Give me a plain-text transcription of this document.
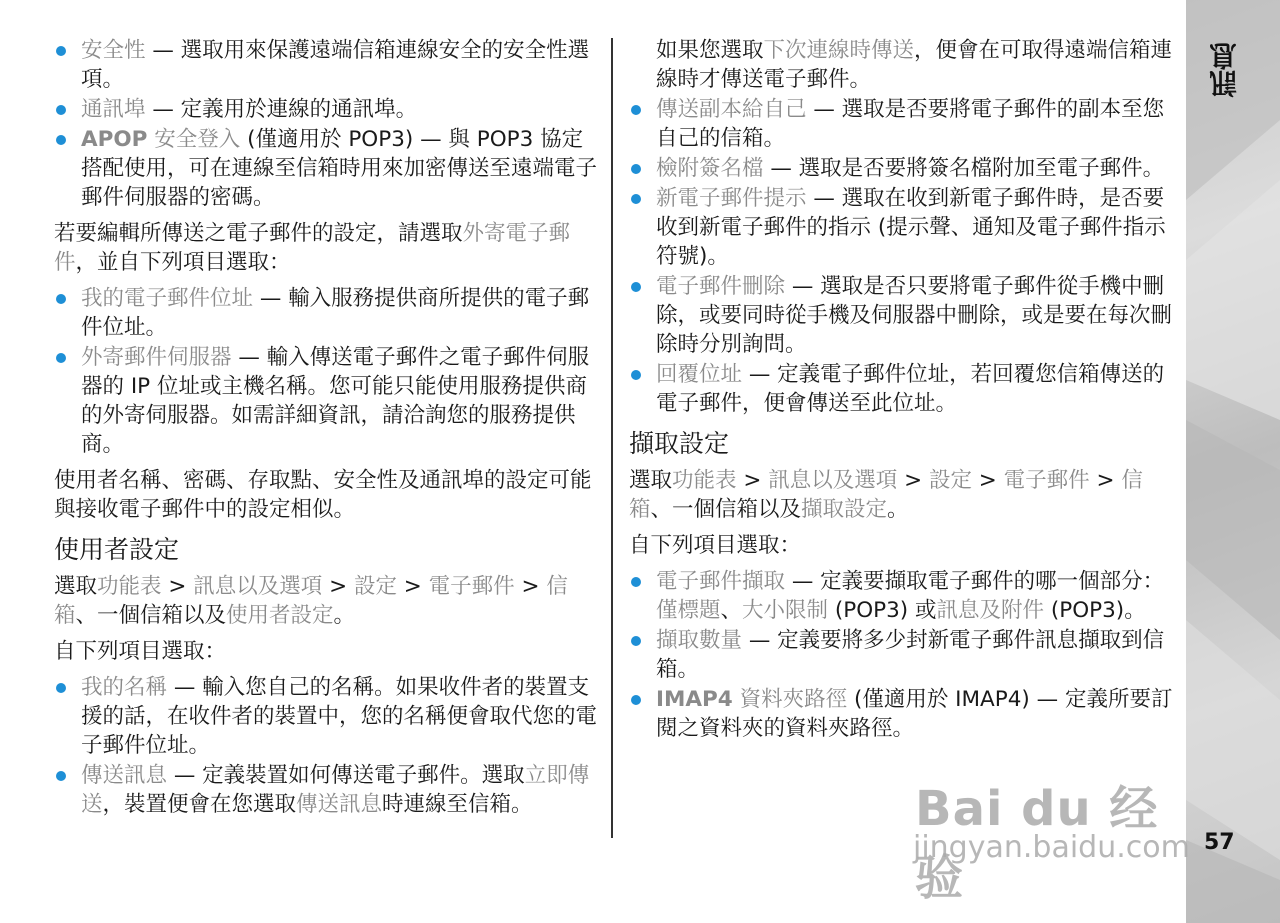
安全性 — 選取用來保護遠端信箱連線安全的安全性選項。
通訊埠 — 定義用於連線的通訊埠。
APOP 安全登入 (僅適用於 POP3) — 與 POP3 協定搭配使用，可在連線至信箱時用來加密傳送至遠端電子郵件伺服器的密碼。

若要編輯所傳送之電子郵件的設定，請選取外寄電子郵件，並自下列項目選取：

我的電子郵件位址 — 輸入服務提供商所提供的電子郵件位址。
外寄郵件伺服器 — 輸入傳送電子郵件之電子郵件伺服器的 IP 位址或主機名稱。您可能只能使用服務提供商的外寄伺服器。如需詳細資訊，請洽詢您的服務提供商。

使用者名稱、密碼、存取點、安全性及通訊埠的設定可能與接收電子郵件中的設定相似。

使用者設定

選取功能表 > 訊息以及選項 > 設定 > 電子郵件 > 信箱、一個信箱以及使用者設定。

自下列項目選取：

我的名稱 — 輸入您自己的名稱。如果收件者的裝置支援的話，在收件者的裝置中，您的名稱便會取代您的電子郵件位址。
傳送訊息 — 定義裝置如何傳送電子郵件。選取立即傳送，裝置便會在您選取傳送訊息時連線至信箱。

如果您選取下次連線時傳送，便會在可取得遠端信箱連線時才傳送電子郵件。

傳送副本給自己 — 選取是否要將電子郵件的副本至您自己的信箱。
檢附簽名檔 — 選取是否要將簽名檔附加至電子郵件。
新電子郵件提示 — 選取在收到新電子郵件時，是否要收到新電子郵件的指示 (提示聲、通知及電子郵件指示符號)。
電子郵件刪除 — 選取是否只要將電子郵件從手機中刪除，或要同時從手機及伺服器中刪除，或是要在每次刪除時分別詢問。
回覆位址 — 定義電子郵件位址，若回覆您信箱傳送的電子郵件，便會傳送至此位址。
擷取設定

選取功能表 > 訊息以及選項 > 設定 > 電子郵件 > 信箱、一個信箱以及擷取設定。

自下列項目選取：

電子郵件擷取 — 定義要擷取電子郵件的哪一個部分：僅標題、大小限制 (POP3) 或訊息及附件 (POP3)。
擷取數量 — 定義要將多少封新電子郵件訊息擷取到信箱。
IMAP4 資料夾路徑 (僅適用於 IMAP4) — 定義所要訂閱之資料夾的資料夾路徑。
訊息
57
Bai du 经验
jingyan.baidu.com
